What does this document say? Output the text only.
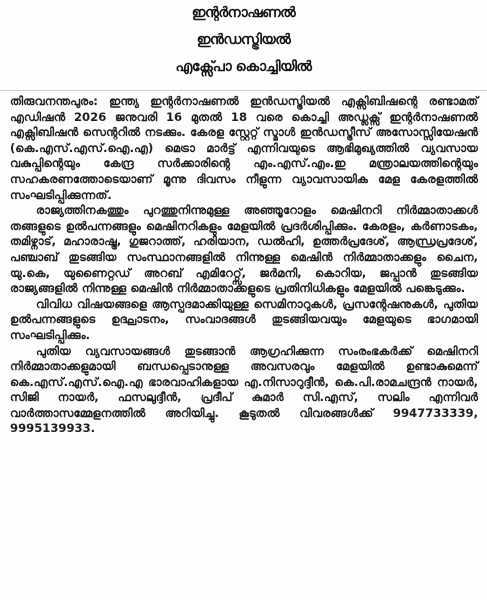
ഇന്റർനാഷണൽ
ഇൻഡസ്ട്രിയൽ
എക്സ്പോ കൊച്ചിയിൽ

തിരുവനന്തപുരം: ഇന്ത്യ ഇന്റർനാഷണൽ ഇൻഡസ്ട്രിയൽ എക്സിബിഷന്റെ രണ്ടാമത് എഡിഷൻ 2026 ജനുവരി 16 മുതൽ 18 വരെ കൊച്ചി അഡ്ലക്സ് ഇന്റർനാഷണൽ എക്സിബിഷൻ സെന്ററിൽ നടക്കും. കേരള സ്റ്റേറ്റ് സ്മാൾ ഇൻഡസ്ട്രീസ് അസോസ്സിയേഷൻ (കെ.എസ്.എസ്.ഐ.എ) മെട്രാ മാർട്ട് എന്നിവയുടെ ആഭിമുഖ്യത്തിൽ വ്യവസായ വകുപ്പിന്റെയും കേന്ദ്ര സർക്കാരിന്റെ എം.എസ്.എം.ഇ മന്ത്രാലയത്തിന്റെയും സഹകരണത്തോടെയാണ് മൂന്നു ദിവസം നീളുന്ന വ്യാവസായിക മേള കേരളത്തിൽ സംഘടിപ്പിക്കുന്നത്.

രാജ്യത്തിനകത്തും പുറത്തുനിന്നുമുള്ള അഞ്ഞൂറോളം മെഷിനറി നിർമ്മാതാക്കൾ തങ്ങളുടെ ഉൽപന്നങ്ങളും മെഷിനറികളും മേളയിൽ പ്രദർശിപ്പിക്കും. കേരളം, കർണാടകം, തമിഴ്നാട്, മഹാരാഷ്ട്ര, ഗുജറാത്ത്, ഹരിയാന, ഡൽഹി, ഉത്തർപ്രദേശ്, ആന്ധ്രപ്രദേശ്, പഞ്ചാബ് തുടങ്ങിയ സംസ്ഥാനങ്ങളിൽ നിന്നുള്ള മെഷിൻ നിർമ്മാതാക്കളും ചൈന, യു.കെ, യുണൈറ്റഡ് അറബ് എമിറേറ്റ്സ്, ജർമനി, കൊറിയ, ജപ്പാൻ തുടങ്ങിയ രാജ്യങ്ങളിൽ നിന്നുള്ള മെഷിൻ നിർമ്മാതാക്കളുടെ പ്രതിനിധികളും മേളയിൽ പങ്കെടുക്കും.

വിവിധ വിഷയങ്ങളെ ആസ്പദമാക്കിയുള്ള സെമിനാറുകൾ, പ്രസന്റേഷനുകൾ, പുതിയ ഉൽപന്നങ്ങളുടെ ഉദ്ഘാടനം, സംവാദങ്ങൾ തുടങ്ങിയവയും മേളയുടെ ഭാഗമായി സംഘടിപ്പിക്കും.

പുതിയ വ്യവസായങ്ങൾ തുടങ്ങാൻ ആഗ്രഹിക്കുന്ന സംരംഭകർക്ക് മെഷിനറി നിർമ്മാതാക്കളുമായി ബന്ധപ്പെടാനുള്ള അവസരവും മേളയിൽ ഉണ്ടാകുമെന്ന് കെ.എസ്.എസ്.ഐ.എ ഭാരവാഹികളായ എ.നിസാറുദ്ദീൻ, കെ.പി.രാമചന്ദ്രൻ നായർ, സിജി നായർ, ഫസലുദ്ദീൻ, പ്രദീപ് കുമാർ സി.എസ്, സലിം എന്നിവർ വാർത്താസമ്മേളനത്തിൽ അറിയിച്ചു. കൂടുതൽ വിവരങ്ങൾക്ക് 9947733339, 9995139933.
